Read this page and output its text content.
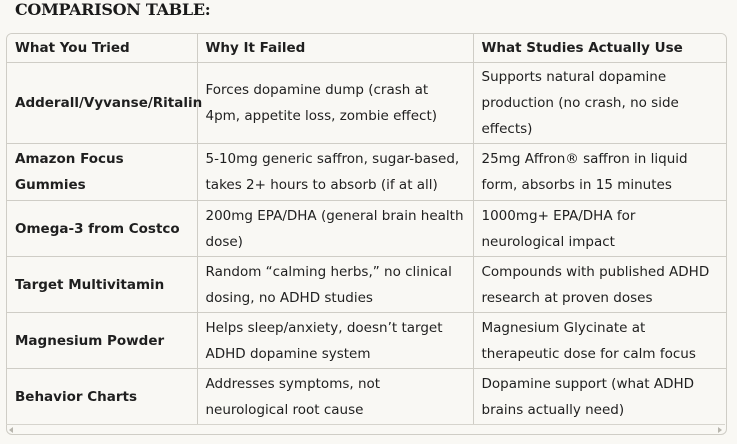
COMPARISON TABLE:
What You Tried	Why It Failed	What Studies Actually Use
Adderall/Vyvanse/Ritalin	Forces dopamine dump (crash at 4pm, appetite loss, zombie effect)	Supports natural dopamine production (no crash, no side effects)
Amazon Focus Gummies	5-10mg generic saffron, sugar-based, takes 2+ hours to absorb (if at all)	25mg Affron® saffron in liquid form, absorbs in 15 minutes
Omega-3 from Costco	200mg EPA/DHA (general brain health dose)	1000mg+ EPA/DHA for neurological impact
Target Multivitamin	Random “calming herbs,” no clinical dosing, no ADHD studies	Compounds with published ADHD research at proven doses
Magnesium Powder	Helps sleep/anxiety, doesn’t target ADHD dopamine system	Magnesium Glycinate at therapeutic dose for calm focus
Behavior Charts	Addresses symptoms, not neurological root cause	Dopamine support (what ADHD brains actually need)
